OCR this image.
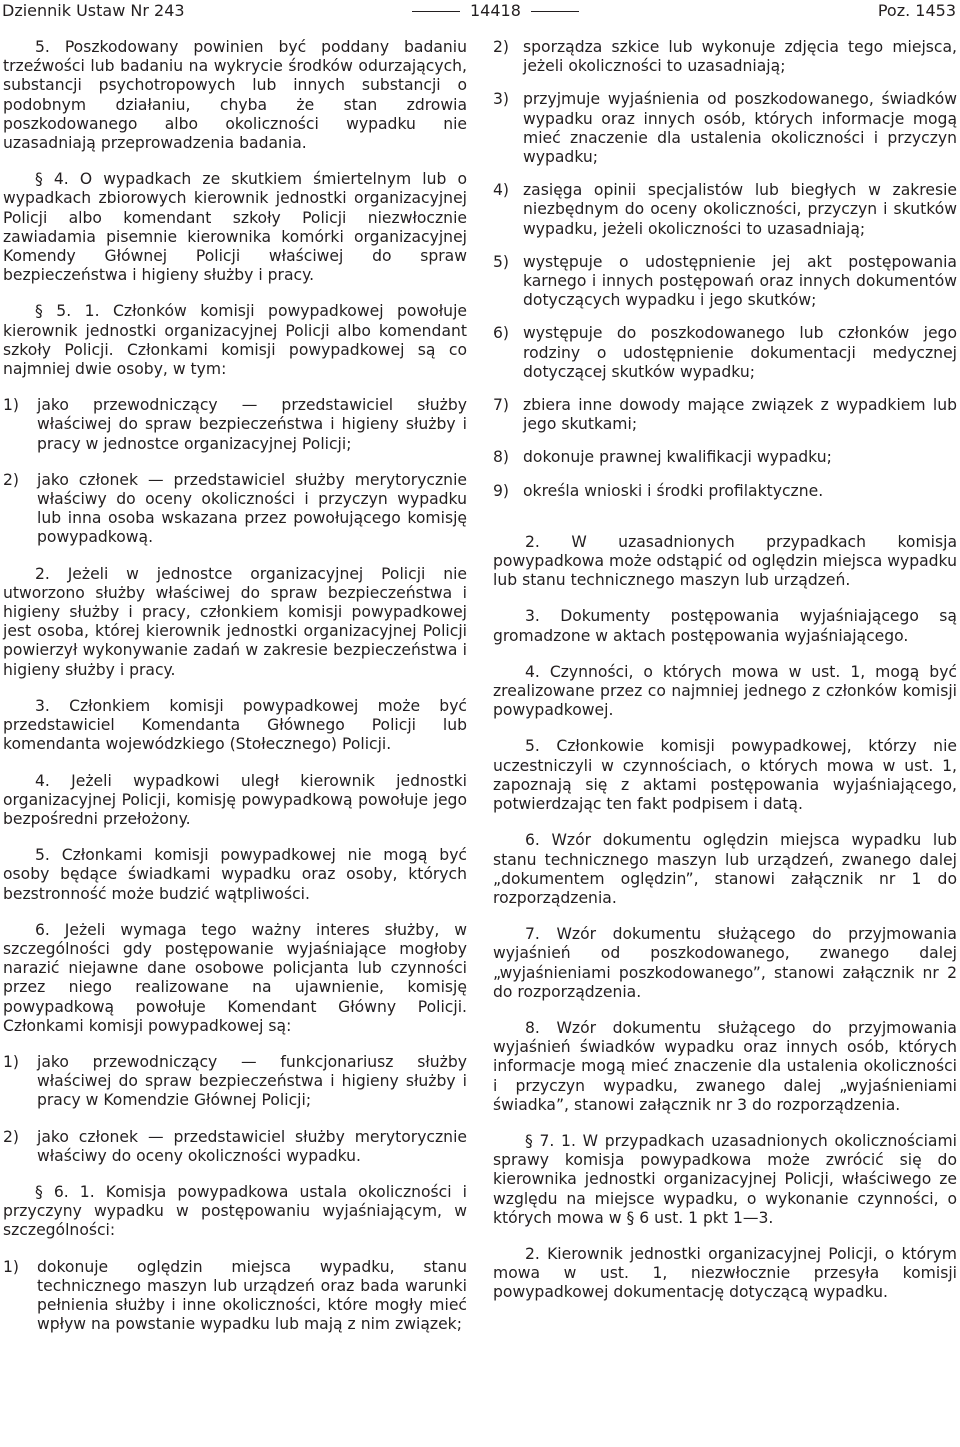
Dziennik Ustaw Nr 243	14418	Poz. 1453

5. Poszkodowany powinien być poddany badaniu trzeźwości lub badaniu na wykrycie środków odurzających, substancji psychotropowych lub innych substancji o podobnym działaniu, chyba że stan zdrowia poszkodowanego albo okoliczności wypadku nie uzasadniają przeprowadzenia badania.

§ 4. O wypadkach ze skutkiem śmiertelnym lub o wypadkach zbiorowych kierownik jednostki organizacyjnej Policji albo komendant szkoły Policji niezwłocznie zawiadamia pisemnie kierownika komórki organizacyjnej Komendy Głównej Policji właściwej do spraw bezpieczeństwa i higieny służby i pracy.

§ 5. 1. Członków komisji powypadkowej powołuje kierownik jednostki organizacyjnej Policji albo komendant szkoły Policji. Członkami komisji powypadkowej są co najmniej dwie osoby, w tym:

1)	jako przewodniczący — przedstawiciel służby właściwej do spraw bezpieczeństwa i higieny służby i pracy w jednostce organizacyjnej Policji;
2)	jako członek — przedstawiciel służby merytorycznie właściwy do oceny okoliczności i przyczyn wypadku lub inna osoba wskazana przez powołującego komisję powypadkową.

2. Jeżeli w jednostce organizacyjnej Policji nie utworzono służby właściwej do spraw bezpieczeństwa i higieny służby i pracy, członkiem komisji powypadkowej jest osoba, której kierownik jednostki organizacyjnej Policji powierzył wykonywanie zadań w zakresie bezpieczeństwa i higieny służby i pracy.

3. Członkiem komisji powypadkowej może być przedstawiciel Komendanta Głównego Policji lub komendanta wojewódzkiego (Stołecznego) Policji.

4. Jeżeli wypadkowi uległ kierownik jednostki organizacyjnej Policji, komisję powypadkową powołuje jego bezpośredni przełożony.

5. Członkami komisji powypadkowej nie mogą być osoby będące świadkami wypadku oraz osoby, których bezstronność może budzić wątpliwości.

6. Jeżeli wymaga tego ważny interes służby, w szczególności gdy postępowanie wyjaśniające mogłoby narazić niejawne dane osobowe policjanta lub czynności przez niego realizowane na ujawnienie, komisję powypadkową powołuje Komendant Główny Policji. Członkami komisji powypadkowej są:

1)	jako przewodniczący — funkcjonariusz służby właściwej do spraw bezpieczeństwa i higieny służby i pracy w Komendzie Głównej Policji;
2)	jako członek — przedstawiciel służby merytorycznie właściwy do oceny okoliczności wypadku.

§ 6. 1. Komisja powypadkowa ustala okoliczności i przyczyny wypadku w postępowaniu wyjaśniającym, w szczególności:

1)	dokonuje oględzin miejsca wypadku, stanu technicznego maszyn lub urządzeń oraz bada warunki pełnienia służby i inne okoliczności, które mogły mieć wpływ na powstanie wypadku lub mają z nim związek;
2) sporządza szkice lub wykonuje zdjęcia tego miejsca, jeżeli okoliczności to uzasadniają;
3) przyjmuje wyjaśnienia od poszkodowanego, świadków wypadku oraz innych osób, których informacje mogą mieć znaczenie dla ustalenia okoliczności i przyczyn wypadku;
4) zasięga opinii specjalistów lub biegłych w zakresie niezbędnym do oceny okoliczności, przyczyn i skutków wypadku, jeżeli okoliczności to uzasadniają;
5) występuje o udostępnienie jej akt postępowania karnego i innych postępowań oraz innych dokumentów dotyczących wypadku i jego skutków;
6) występuje do poszkodowanego lub członków jego rodziny o udostępnienie dokumentacji medycznej dotyczącej skutków wypadku;
7) zbiera inne dowody mające związek z wypadkiem lub jego skutkami;
8) dokonuje prawnej kwalifikacji wypadku;
9) określa wnioski i środki profilaktyczne.

2. W uzasadnionych przypadkach komisja powypadkowa może odstąpić od oględzin miejsca wypadku lub stanu technicznego maszyn lub urządzeń.

3. Dokumenty postępowania wyjaśniającego są gromadzone w aktach postępowania wyjaśniającego.

4. Czynności, o których mowa w ust. 1, mogą być zrealizowane przez co najmniej jednego z członków komisji powypadkowej.

5. Członkowie komisji powypadkowej, którzy nie uczestniczyli w czynnościach, o których mowa w ust. 1, zapoznają się z aktami postępowania wyjaśniającego, potwierdzając ten fakt podpisem i datą.

6. Wzór dokumentu oględzin miejsca wypadku lub stanu technicznego maszyn lub urządzeń, zwanego dalej „dokumentem oględzin”, stanowi załącznik nr 1 do rozporządzenia.

7. Wzór dokumentu służącego do przyjmowania wyjaśnień od poszkodowanego, zwanego dalej „wyjaśnieniami poszkodowanego”, stanowi załącznik nr 2 do rozporządzenia.

8. Wzór dokumentu służącego do przyjmowania wyjaśnień świadków wypadku oraz innych osób, których informacje mogą mieć znaczenie dla ustalenia okoliczności i przyczyn wypadku, zwanego dalej „wyjaśnieniami świadka”, stanowi załącznik nr 3 do rozporządzenia.

§ 7. 1. W przypadkach uzasadnionych okolicznościami sprawy komisja powypadkowa może zwrócić się do kierownika jednostki organizacyjnej Policji, właściwego ze względu na miejsce wypadku, o wykonanie czynności, o których mowa w § 6 ust. 1 pkt 1—3.

2. Kierownik jednostki organizacyjnej Policji, o którym mowa w ust. 1, niezwłocznie przesyła komisji powypadkowej dokumentację dotyczącą wypadku.
